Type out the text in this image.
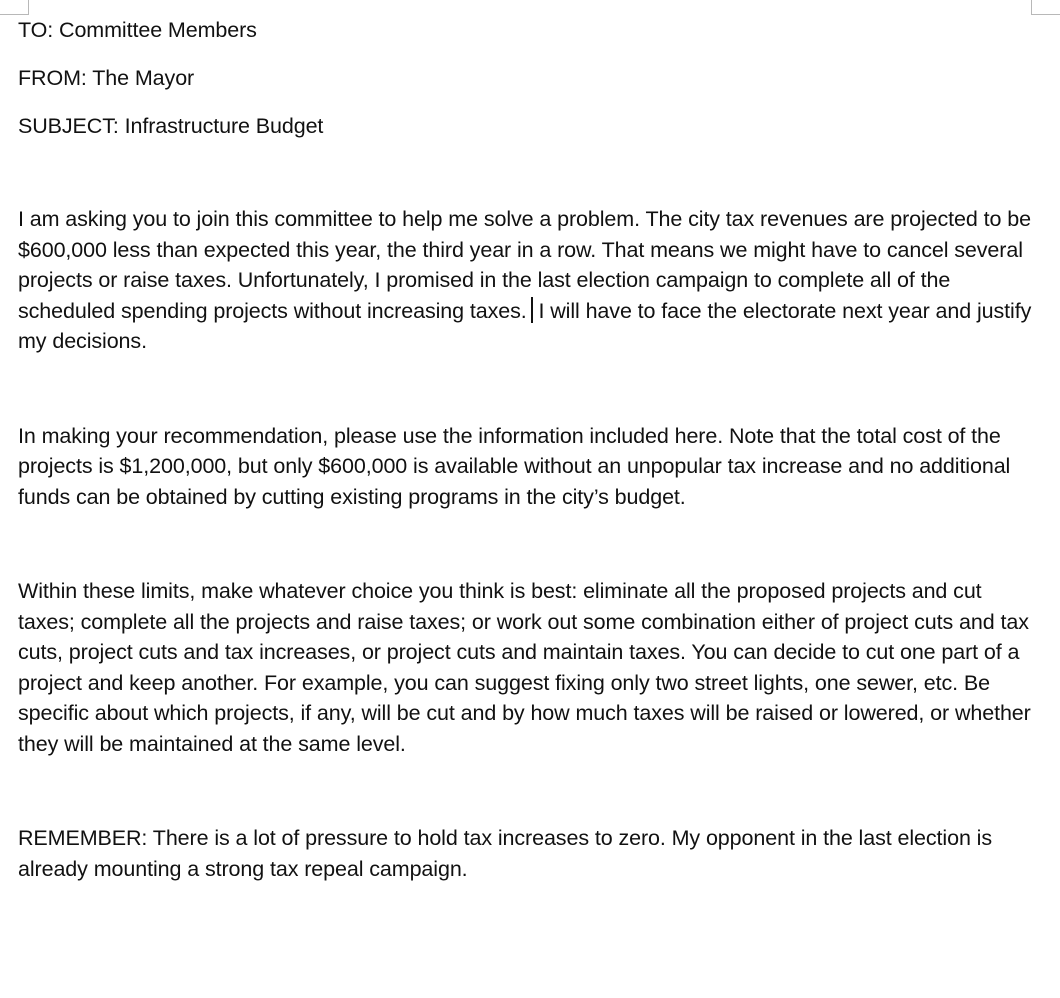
TO: Committee Members

FROM: The Mayor

SUBJECT: Infrastructure Budget

I am asking you to join this committee to help me solve a problem. The city tax revenues are projected to be $600,000 less than expected this year, the third year in a row. That means we might have to cancel several projects or raise taxes. Unfortunately, I promised in the last election campaign to complete all of the scheduled spending projects without increasing taxes. I will have to face the electorate next year and justify my decisions.

In making your recommendation, please use the information included here. Note that the total cost of the projects is $1,200,000, but only $600,000 is available without an unpopular tax increase and no additional funds can be obtained by cutting existing programs in the city’s budget.

Within these limits, make whatever choice you think is best: eliminate all the proposed projects and cut taxes; complete all the projects and raise taxes; or work out some combination either of project cuts and tax cuts, project cuts and tax increases, or project cuts and maintain taxes. You can decide to cut one part of a project and keep another. For example, you can suggest fixing only two street lights, one sewer, etc. Be specific about which projects, if any, will be cut and by how much taxes will be raised or lowered, or whether they will be maintained at the same level.

REMEMBER: There is a lot of pressure to hold tax increases to zero. My opponent in the last election is already mounting a strong tax repeal campaign.
